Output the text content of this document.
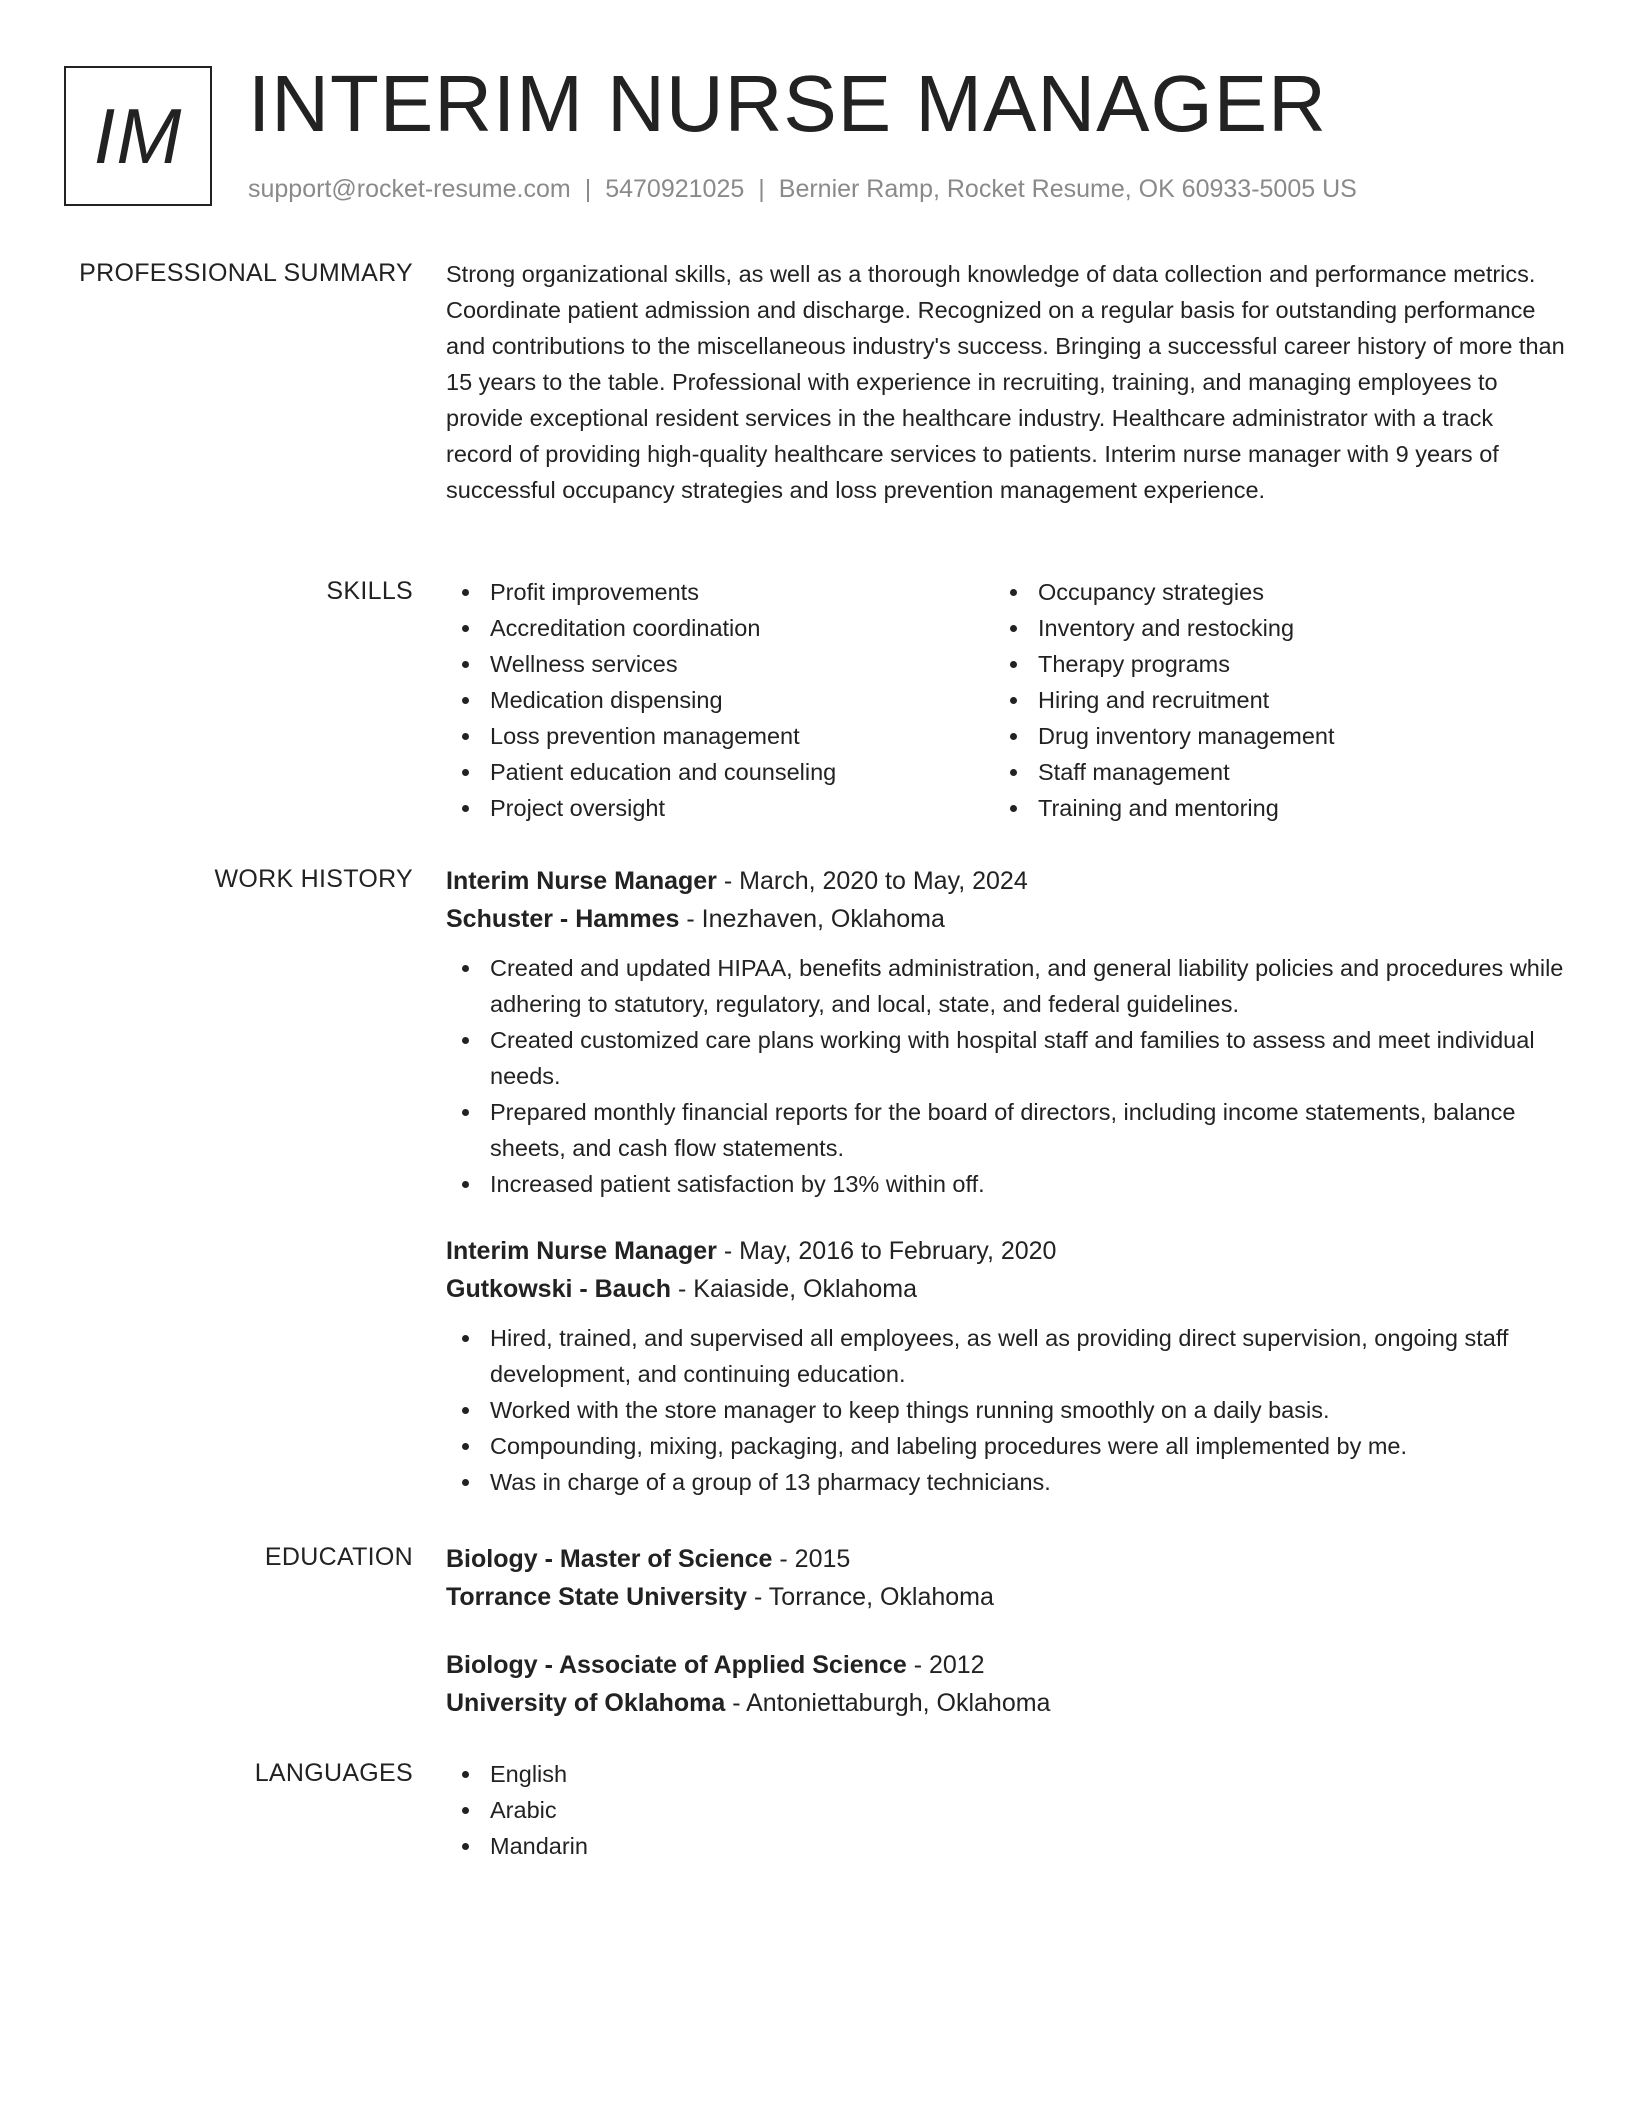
IM INTERIM NURSE MANAGER
support@rocket-resume.com | 5470921025 | Bernier Ramp, Rocket Resume, OK 60933-5005 US
PROFESSIONAL SUMMARY Strong organizational skills, as well as a thorough knowledge of data collection and performance metrics. Coordinate patient admission and discharge. Recognized on a regular basis for outstanding performance and contributions to the miscellaneous industry's success. Bringing a successful career history of more than 15 years to the table. Professional with experience in recruiting, training, and managing employees to provide exceptional resident services in the healthcare industry. Healthcare administrator with a track record of providing high-quality healthcare services to patients. Interim nurse manager with 9 years of successful occupancy strategies and loss prevention management experience.

SKILLS	Profit improvements
Accreditation coordination
Wellness services
Medication dispensing
Loss prevention management
Patient education and counseling
Project oversight
Occupancy strategies
Inventory and restocking
Therapy programs
Hiring and recruitment
Drug inventory management
Staff management
Training and mentoring
WORK HISTORY Interim Nurse Manager - March, 2020 to May, 2024
Schuster - Hammes - Inezhaven, Oklahoma
Created and updated HIPAA, benefits administration, and general liability policies and procedures while adhering to statutory, regulatory, and local, state, and federal guidelines.
Created customized care plans working with hospital staff and families to assess and meet individual needs.
Prepared monthly financial reports for the board of directors, including income statements, balance sheets, and cash flow statements.
Increased patient satisfaction by 13% within off.
Interim Nurse Manager - May, 2016 to February, 2020
Gutkowski - Bauch - Kaiaside, Oklahoma
Hired, trained, and supervised all employees, as well as providing direct supervision, ongoing staff development, and continuing education.
Worked with the store manager to keep things running smoothly on a daily basis.
Compounding, mixing, packaging, and labeling procedures were all implemented by me.
Was in charge of a group of 13 pharmacy technicians.
EDUCATION Biology - Master of Science - 2015
Torrance State University - Torrance, Oklahoma
Biology - Associate of Applied Science - 2012
University of Oklahoma - Antoniettaburgh, Oklahoma
LANGUAGES	English
Arabic
Mandarin
